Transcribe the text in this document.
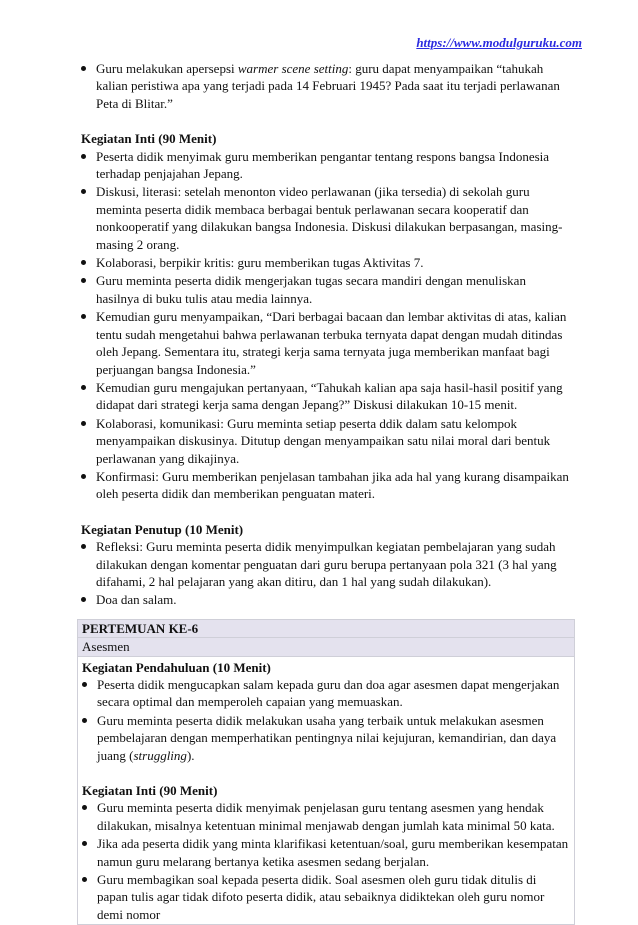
https://www.modulguruku.com
Guru melakukan apersepsi warmer scene setting: guru dapat menyampaikan “tahukah kalian peristiwa apa yang terjadi pada 14 Februari 1945? Pada saat itu terjadi perlawanan Peta di Blitar.”
Kegiatan Inti (90 Menit)
Peserta didik menyimak guru memberikan pengantar tentang respons bangsa Indonesia terhadap penjajahan Jepang.
Diskusi, literasi: setelah menonton video perlawanan (jika tersedia) di sekolah guru meminta peserta didik membaca berbagai bentuk perlawanan secara kooperatif dan nonkooperatif yang dilakukan bangsa Indonesia. Diskusi dilakukan berpasangan, masing-masing 2 orang.
Kolaborasi, berpikir kritis: guru memberikan tugas Aktivitas 7.
Guru meminta peserta didik mengerjakan tugas secara mandiri dengan menuliskan hasilnya di buku tulis atau media lainnya.
Kemudian guru menyampaikan, “Dari berbagai bacaan dan lembar aktivitas di atas, kalian tentu sudah mengetahui bahwa perlawanan terbuka ternyata dapat dengan mudah ditindas oleh Jepang. Sementara itu, strategi kerja sama ternyata juga memberikan manfaat bagi perjuangan bangsa Indonesia.”
Kemudian guru mengajukan pertanyaan, “Tahukah kalian apa saja hasil-hasil positif yang didapat dari strategi kerja sama dengan Jepang?” Diskusi dilakukan 10-15 menit.
Kolaborasi, komunikasi: Guru meminta setiap peserta ddik dalam satu kelompok menyampaikan diskusinya. Ditutup dengan menyampaikan satu nilai moral dari bentuk perlawanan yang dikajinya.
Konfirmasi: Guru memberikan penjelasan tambahan jika ada hal yang kurang disampaikan oleh peserta didik dan memberikan penguatan materi.
Kegiatan Penutup (10 Menit)
Refleksi: Guru meminta peserta didik menyimpulkan kegiatan pembelajaran yang sudah dilakukan dengan komentar penguatan dari guru berupa pertanyaan pola 321 (3 hal yang difahami, 2 hal pelajaran yang akan ditiru, dan 1 hal yang sudah dilakukan).
Doa dan salam.
PERTEMUAN KE-6
Asesmen
Kegiatan Pendahuluan (10 Menit)
Peserta didik mengucapkan salam kepada guru dan doa agar asesmen dapat mengerjakan secara optimal dan memperoleh capaian yang memuaskan.
Guru meminta peserta didik melakukan usaha yang terbaik untuk melakukan asesmen pembelajaran dengan memperhatikan pentingnya nilai kejujuran, kemandirian, dan daya juang (struggling).
Kegiatan Inti (90 Menit)
Guru meminta peserta didik menyimak penjelasan guru tentang asesmen yang hendak dilakukan, misalnya ketentuan minimal menjawab dengan jumlah kata minimal 50 kata.
Jika ada peserta didik yang minta klarifikasi ketentuan/soal, guru memberikan kesempatan namun guru melarang bertanya ketika asesmen sedang berjalan.
Guru membagikan soal kepada peserta didik. Soal asesmen oleh guru tidak ditulis di papan tulis agar tidak difoto peserta didik, atau sebaiknya didiktekan oleh guru nomor demi nomor
